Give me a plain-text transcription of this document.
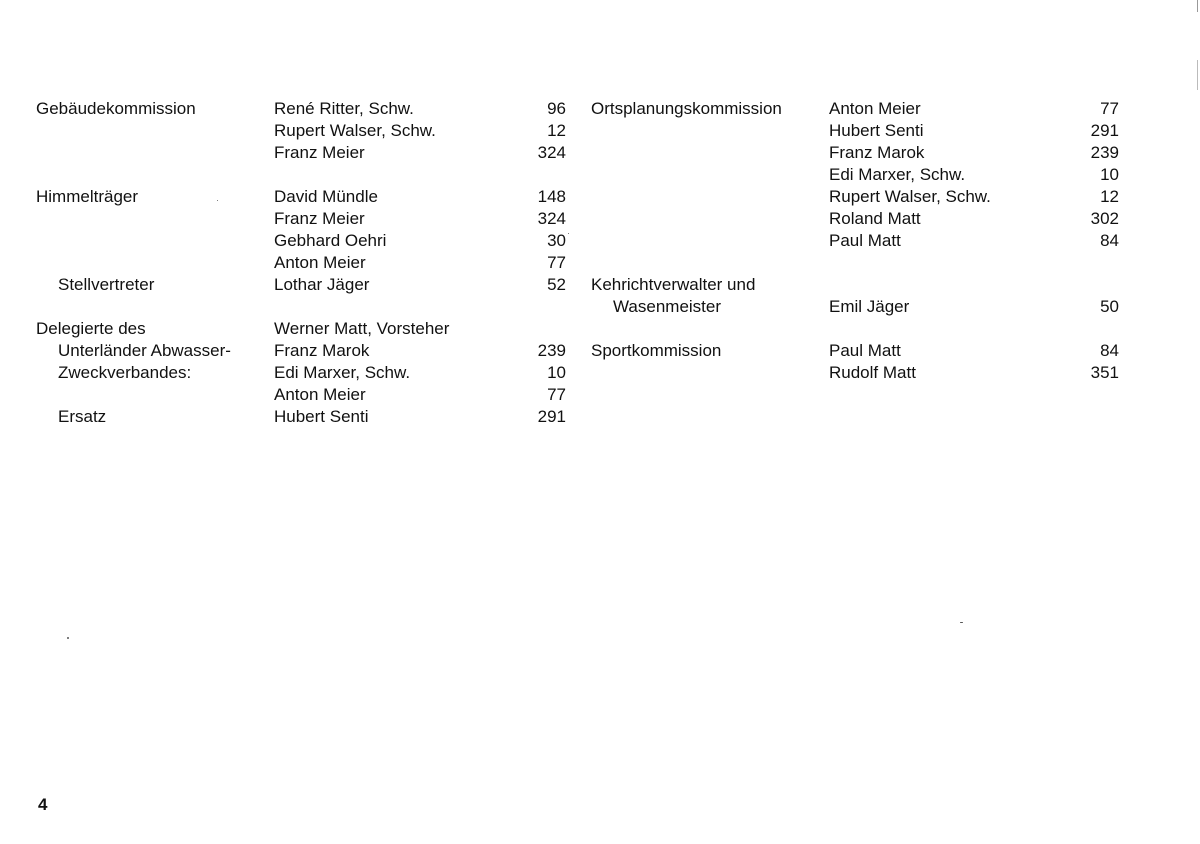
Gebäudekommission	René Ritter, Schw.	96
Rupert Walser, Schw.	12
Franz Meier	324
Himmelträger	David Mündle	148
Franz Meier	324
Gebhard Oehri	30
Anton Meier	77
Stellvertreter	Lothar Jäger	52
Delegierte des	Werner Matt, Vorsteher
Unterländer Abwasser-	Franz Marok	239
Zweckverbandes:	Edi Marxer, Schw.	10
Anton Meier	77
Ersatz	Hubert Senti	291
Ortsplanungskommission	Anton Meier	77
Hubert Senti	291
Franz Marok	239
Edi Marxer, Schw.	10
Rupert Walser, Schw.	12
Roland Matt	302
Paul Matt	84
Kehrichtverwalter und
Wasenmeister	Emil Jäger	50
Sportkommission	Paul Matt	84
Rudolf Matt	351
4
